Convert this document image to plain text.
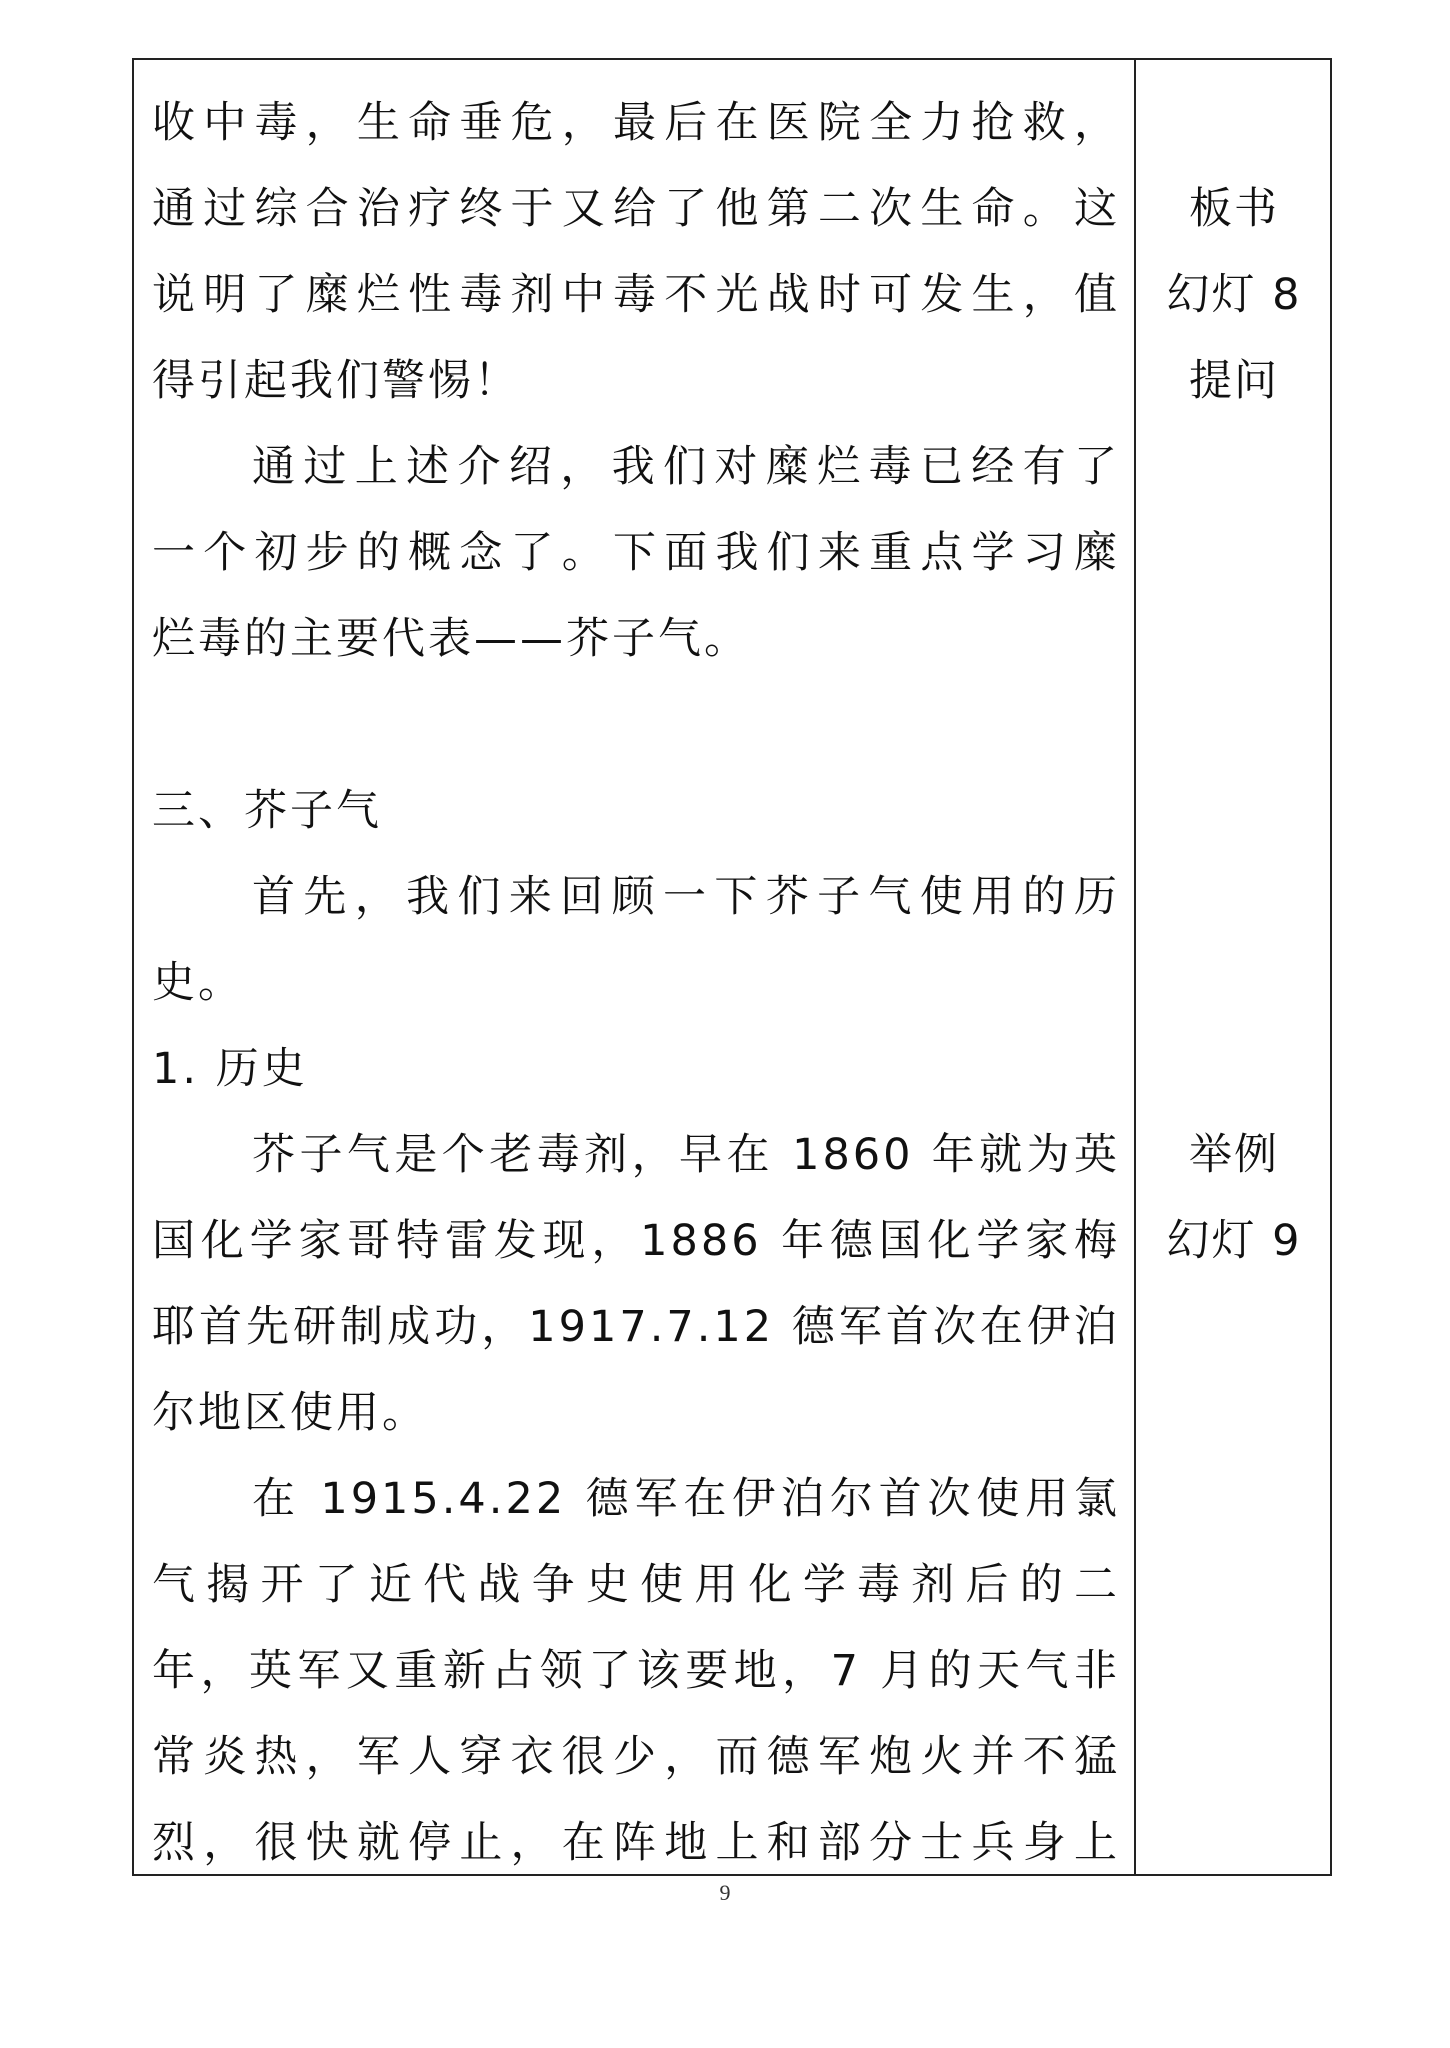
收中毒，生命垂危，最后在医院全力抢救，
通过综合治疗终于又给了他第二次生命。这
说明了糜烂性毒剂中毒不光战时可发生，值
得引起我们警惕！
通过上述介绍，我们对糜烂毒已经有了
一个初步的概念了。下面我们来重点学习糜
烂毒的主要代表——芥子气。
三、芥子气
首先，我们来回顾一下芥子气使用的历
史。
1. 历史
芥子气是个老毒剂，早在 1860 年就为英
国化学家哥特雷发现，1886 年德国化学家梅
耶首先研制成功，1917.7.12 德军首次在伊泊
尔地区使用。
在 1915.4.22 德军在伊泊尔首次使用氯
气揭开了近代战争史使用化学毒剂后的二
年，英军又重新占领了该要地，7 月的天气非
常炎热，军人穿衣很少，而德军炮火并不猛
烈，很快就停止，在阵地上和部分士兵身上
板书
幻灯 8
提问
举例
幻灯 9
9
